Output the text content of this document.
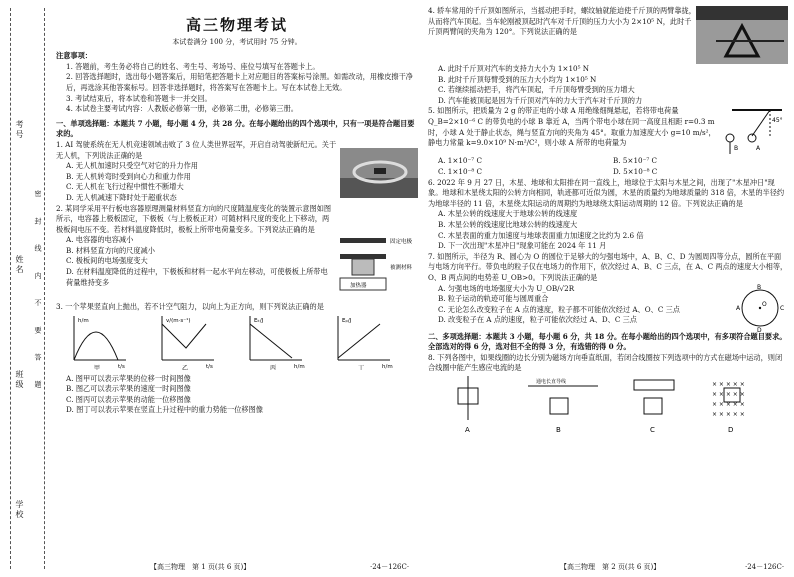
考号
姓名
班级
学校
密 封 线 内 不 要 答 题
高三物理考试
本试卷满分 100 分，考试用时 75 分钟。

注意事项：

1. 答题前，考生务必将自己的姓名、考生号、考场号、座位号填写在答题卡上。

2. 回答选择题时，选出每小题答案后，用铅笔把答题卡上对应题目的答案标号涂黑。如需改动，用橡皮擦干净后，再选涂其他答案标号。回答非选择题时，将答案写在答题卡上。写在本试卷上无效。

3. 考试结束后，将本试卷和答题卡一并交回。

4. 本试卷主要考试内容：人教版必修第一册，必修第二册，必修第三册。

一、单项选择题：本题共 7 小题，每小题 4 分，共 28 分。在每小题给出的四个选项中，只有一项是符合题目要求的。

1. AI 驾驶系统在无人机竞速领域击败了 3 位人类世界冠军，开启自动驾驶新纪元。关于无人机，下列说法正确的是

A. 无人机加速时只受空气对它的升力作用

B. 无人机转弯时受到向心力和重力作用

C. 无人机在飞行过程中惯性不断增大

D. 无人机减速下降时处于超重状态

2. 某同学采用平行板电容器原理测量材料竖直方向的尺度随温度变化的装置示意图如图所示，电容器上极板固定，下极板（与上极板正对）可随材料尺度的变化上下移动，两极板间电压不变。若材料温度降低时，极板上所带电荷量变多。下列说法正确的是

A. 电容器的电容减小

B. 材料竖直方向的尺度减小

C. 极板间的电场强度变大

D. 在材料温度降低的过程中，下极板和材料一起水平向左移动，可使极板上所带电荷量维持变多

固定电极
被测材料
加热器

3. 一个苹果竖直向上抛出，若不计空气阻力，以向上为正方向，则下列说法正确的是

h/m
t/s
甲
v/(m·s⁻¹)
t/s
乙
Eₖ/J
h/m
丙
Eₚ/J
h/m
丁

A. 图甲可以表示苹果的位移一时间图像

B. 图乙可以表示苹果的速度一时间图像

C. 图丙可以表示苹果的动能一位移图像

D. 图丁可以表示苹果在竖直上升过程中的重力势能一位移图像

【高三物理　第 1 页(共 6 页)】	·24－126C·

4. 轿车常用的千斤顶如图所示，当摇动把手时，螺纹轴就能迫使千斤顶的两臂靠拢，从而将汽车顶起。当车轮刚被顶起时汽车对千斤顶的压力大小为 2×10⁵ N，此时千斤顶两臂间的夹角为 120°。下列说法正确的是

A. 此时千斤顶对汽车的支持力大小为 1×10⁵ N

B. 此时千斤顶每臂受到的压力大小均为 1×10⁵ N

C. 若继续摇动把手，将汽车顶起，千斤顶每臂受到的压力增大

D. 汽车能被顶起是因为千斤顶对汽车的力大于汽车对千斤顶的力

5. 如图所示，把质量为 2 g 的带正电的小球 A 用绝缘细绳悬起，若将带电荷量 Q_B=2×10⁻⁶ C 的带负电的小球 B 靠近 A，当两个带电小球在同一高度且相距 r=0.3 m 时，小球 A 处于静止状态，绳与竖直方向的夹角为 45°。取重力加速度大小 g=10 m/s²，静电力常量 k=9.0×10⁹ N·m²/C²，则小球 A 所带的电荷量为

45°
A
B

A. 1×10⁻⁷ C	B. 5×10⁻⁷ C

C. 1×10⁻⁸ C	D. 5×10⁻⁸ C

6. 2022 年 9 月 27 日，木星、地球和太阳排在同一直线上，地球位于太阳与木星之间，出现了"木星冲日"现象。地球和木星绕太阳的公转方向相同，轨迹都可近似为圆，木星的质量约为地球质量的 318 倍，木星的半径约为地球半径的 11 倍，木星绕太阳运动的周期约为地球绕太阳运动周期的 12 倍。下列说法正确的是

A. 木星公转的线速度大于地球公转的线速度

B. 木星公转的线速度比地球公转的线速度大

C. 木星表面的重力加速度与地球表面重力加速度之比约为 2.6 倍

D. 下一次出现"木星冲日"现象可能在 2024 年 11 月

7. 如图所示，半径为 R、圆心为 O 的圆位于足够大的匀强电场中，A、B、C、D 为圆周四等分点，圆所在平面与电场方向平行。带负电的粒子仅在电场力的作用下，依次经过 A、B、C 三点，在 A、C 两点的速度大小相等，O、B 两点间的电势差 U_OB>0。下列说法正确的是

A. 匀强电场的电场强度大小为 U_OB/√2R

B. 粒子运动的轨迹可能与圆周重合

C. 无论怎么改变粒子在 A 点的速度，粒子都不可能依次经过 A、O、C 三点

D. 改变粒子在 A 点的速度，粒子可能依次经过 A、D、C 三点

O
A
B
C
D

二、多项选择题：本题共 3 小题，每小题 6 分，共 18 分。在每小题给出的四个选项中，有多项符合题目要求。全部选对的得 6 分，选对但不全的得 3 分，有选错的得 0 分。

8. 下列各图中，如果线圈的边长分别为磁场方向垂直纸面，若闭合线圈按下列选项中的方式在磁场中运动，则闭合线圈中能产生感应电流的是

A
通电长直导线
B	C
× × × × ×
× × × × ×
× × × × ×
× × × × ×
D
【高三物理　第 2 页(共 6 页)】	·24－126C·
